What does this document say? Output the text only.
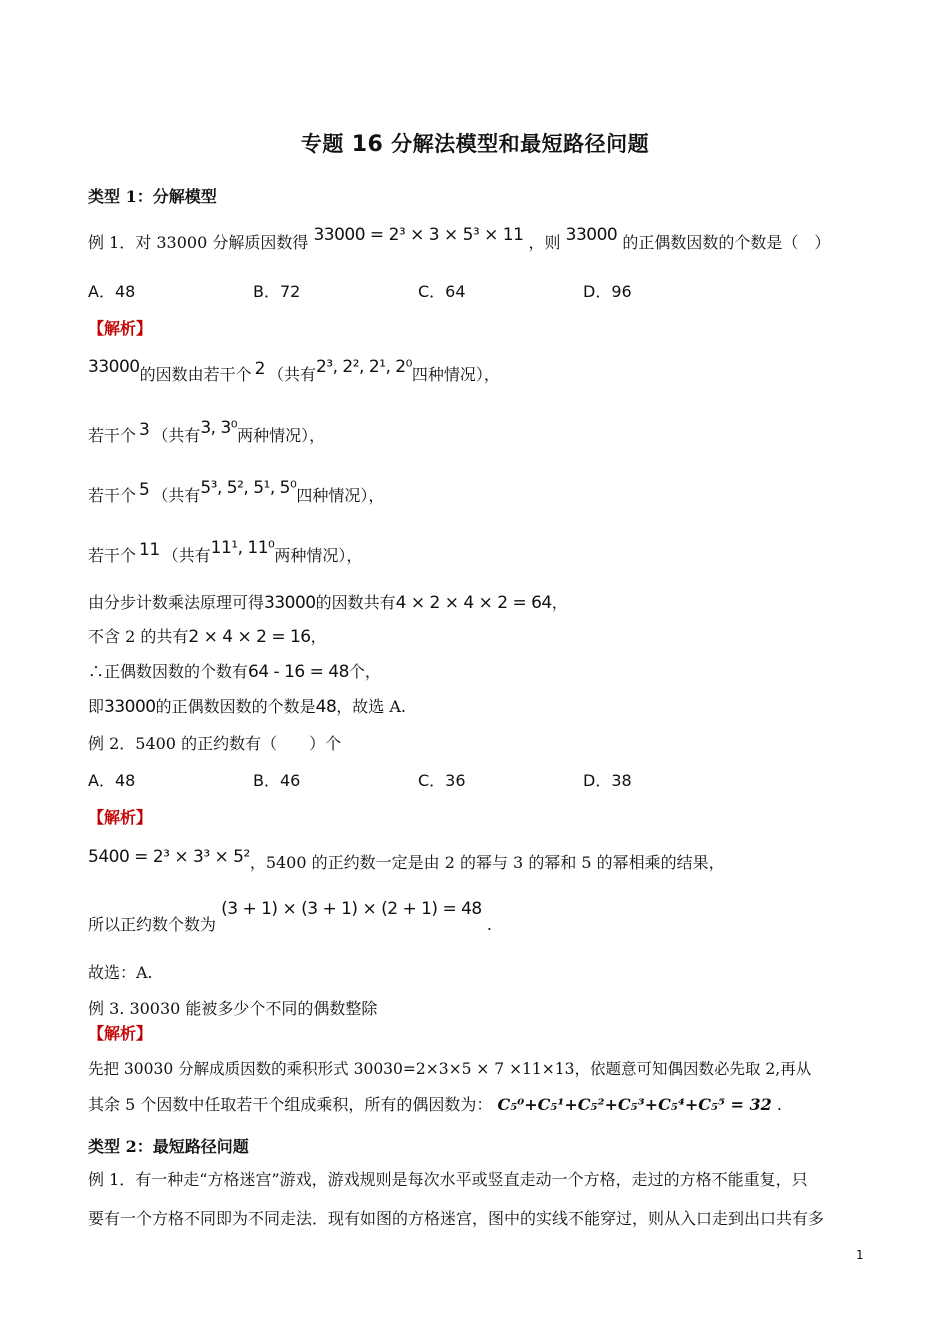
专题 16 分解法模型和最短路径问题
类型 1：分解模型
例 1．对 33000 分解质因数得 33000 = 2³ × 3 × 5³ × 11 ，则 33000 的正偶数因数的个数是（　）
A．48	B．72	C．64	D．96
【解析】
33000的因数由若干个 2 （共有2³, 2², 2¹, 2⁰四种情况），
若干个 3 （共有3, 3⁰两种情况），
若干个 5 （共有5³, 5², 5¹, 5⁰四种情况），
若干个 11 （共有11¹, 11⁰两种情况），
由分步计数乘法原理可得33000的因数共有4 × 2 × 4 × 2 = 64，
不含 2 的共有2 × 4 × 2 = 16，
∴正偶数因数的个数有64 - 16 = 48个，
即33000的正偶数因数的个数是48，故选 A.
例 2．5400 的正约数有（　　）个
A．48	B．46	C．36	D．38
【解析】
5400 = 2³ × 3³ × 5²，5400 的正约数一定是由 2 的幂与 3 的幂和 5 的幂相乘的结果，
所以正约数个数为 (3 + 1) × (3 + 1) × (2 + 1) = 48 .
故选：A.
例 3. 30030 能被多少个不同的偶数整除
【解析】
先把 30030 分解成质因数的乘积形式 30030=2×3×5 × 7 ×11×13，依题意可知偶因数必先取 2,再从
其余 5 个因数中任取若干个组成乘积，所有的偶因数为： C₅⁰+C₅¹+C₅²+C₅³+C₅⁴+C₅⁵ = 32 .
类型 2：最短路径问题
例 1．有一种走“方格迷宫”游戏，游戏规则是每次水平或竖直走动一个方格，走过的方格不能重复，只
要有一个方格不同即为不同走法．现有如图的方格迷宫，图中的实线不能穿过，则从入口走到出口共有多
1
